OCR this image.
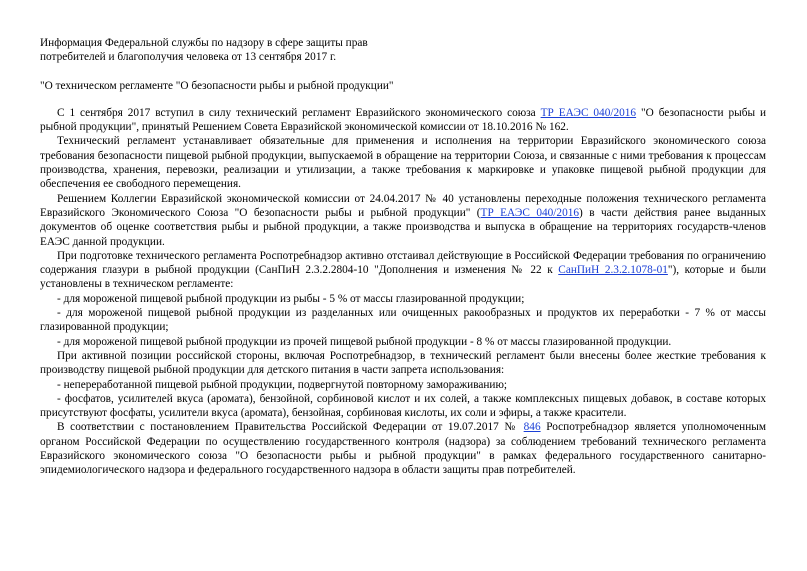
Информация Федеральной службы по надзору в сфере защиты прав
потребителей и благополучия человека от 13 сентября 2017 г.

"О техническом регламенте "О безопасности рыбы и рыбной продукции"

С 1 сентября 2017 вступил в силу технический регламент Евразийского экономического союза ТР ЕАЭС 040/2016 "О безопасности рыбы и рыбной продукции", принятый Решением Совета Евразийской экономической комиссии от 18.10.2016 № 162.

Технический регламент устанавливает обязательные для применения и исполнения на территории Евразийского экономического союза требования безопасности пищевой рыбной продукции, выпускаемой в обращение на территории Союза, и связанные с ними требования к процессам производства, хранения, перевозки, реализации и утилизации, а также требования к маркировке и упаковке пищевой рыбной продукции для обеспечения ее свободного перемещения.

Решением Коллегии Евразийской экономической комиссии от 24.04.2017 № 40 установлены переходные положения технического регламента Евразийского Экономического Союза "О безопасности рыбы и рыбной продукции" (ТР ЕАЭС 040/2016) в части действия ранее выданных документов об оценке соответствия рыбы и рыбной продукции, а также производства и выпуска в обращение на территориях государств-членов ЕАЭС данной продукции.

При подготовке технического регламента Роспотребнадзор активно отстаивал действующие в Российской Федерации требования по ограничению содержания глазури в рыбной продукции (СанПиН 2.3.2.2804-10 "Дополнения и изменения № 22 к СанПиН 2.3.2.1078-01"), которые и были установлены в техническом регламенте:

- для мороженой пищевой рыбной продукции из рыбы - 5 % от массы глазированной продукции;

- для мороженой пищевой рыбной продукции из разделанных или очищенных ракообразных и продуктов их переработки - 7 % от массы глазированной продукции;

- для мороженой пищевой рыбной продукции из прочей пищевой рыбной продукции - 8 % от массы глазированной продукции.

При активной позиции российской стороны, включая Роспотребнадзор, в технический регламент были внесены более жесткие требования к производству пищевой рыбной продукции для детского питания в части запрета использования:

- непереработанной пищевой рыбной продукции, подвергнутой повторному замораживанию;

- фосфатов, усилителей вкуса (аромата), бензойной, сорбиновой кислот и их солей, а также комплексных пищевых добавок, в составе которых присутствуют фосфаты, усилители вкуса (аромата), бензойная, сорбиновая кислоты, их соли и эфиры, а также красители.

В соответствии с постановлением Правительства Российской Федерации от 19.07.2017 № 846 Роспотребнадзор является уполномоченным органом Российской Федерации по осуществлению государственного контроля (надзора) за соблюдением требований технического регламента Евразийского экономического союза "О безопасности рыбы и рыбной продукции" в рамках федерального государственного санитарно-эпидемиологического надзора и федерального государственного надзора в области защиты прав потребителей.
